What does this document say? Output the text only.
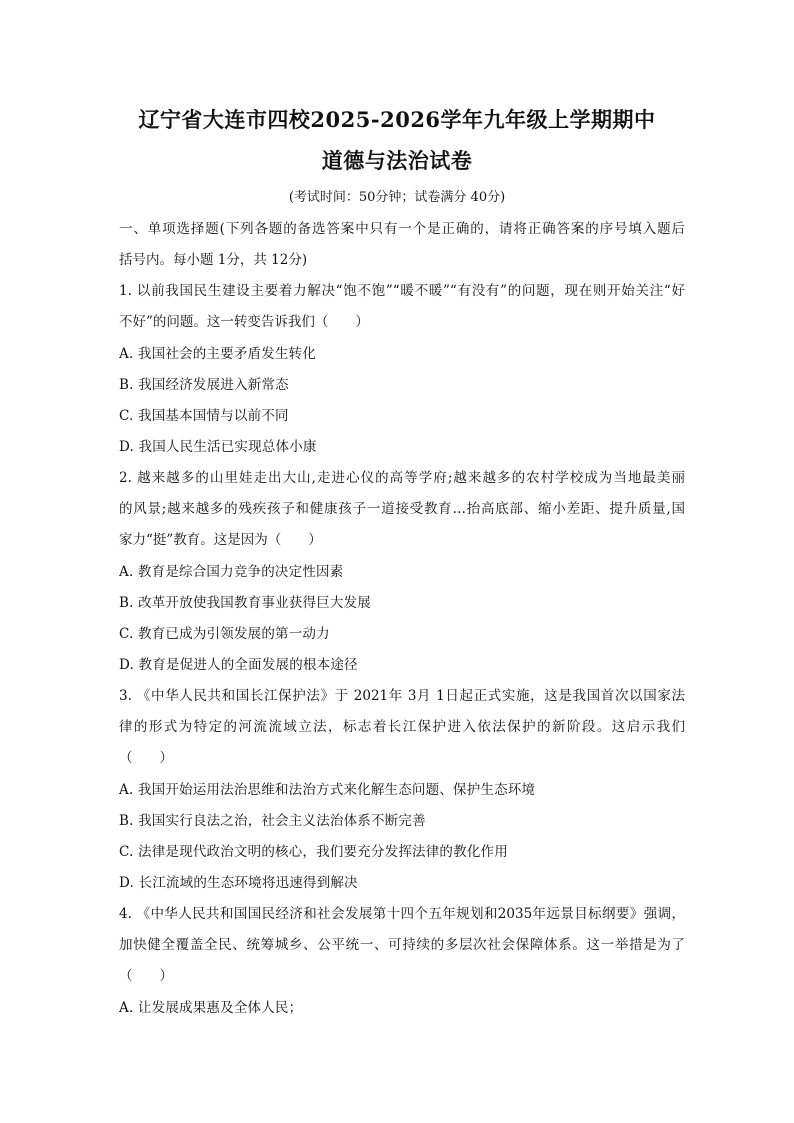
辽宁省大连市四校2025-2026学年九年级上学期期中
道德与法治试卷
(考试时间：50分钟；试卷满分 40分)
一、单项选择题(下列各题的备选答案中只有一个是正确的，请将正确答案的序号填入题后
括号内。每小题 1分，共 12分)
1. 以前我国民生建设主要着力解决“饱不饱”“暖不暖”“有没有”的问题，现在则开始关注“好
不好”的问题。这一转变告诉我们（　　）
A. 我国社会的主要矛盾发生转化
B. 我国经济发展进入新常态
C. 我国基本国情与以前不同
D. 我国人民生活已实现总体小康
2. 越来越多的山里娃走出大山,走进心仪的高等学府;越来越多的农村学校成为当地最美丽
的风景;越来越多的残疾孩子和健康孩子一道接受教育…抬高底部、缩小差距、提升质量,国
家力“挺”教育。这是因为（　　）
A. 教育是综合国力竞争的决定性因素
B. 改革开放使我国教育事业获得巨大发展
C. 教育已成为引领发展的第一动力
D. 教育是促进人的全面发展的根本途径
3. 《中华人民共和国长江保护法》于 2021年 3月 1日起正式实施，这是我国首次以国家法
律的形式为特定的河流流域立法，标志着长江保护进入依法保护的新阶段。这启示我们
（　　）
A. 我国开始运用法治思维和法治方式来化解生态问题、保护生态环境
B. 我国实行良法之治，社会主义法治体系不断完善
C. 法律是现代政治文明的核心，我们要充分发挥法律的教化作用
D. 长江流域的生态环境将迅速得到解决
4. 《中华人民共和国国民经济和社会发展第十四个五年规划和2035年远景目标纲要》强调，
加快健全覆盖全民、统筹城乡、公平统一、可持续的多层次社会保障体系。这一举措是为了
（　　）
A. 让发展成果惠及全体人民；
